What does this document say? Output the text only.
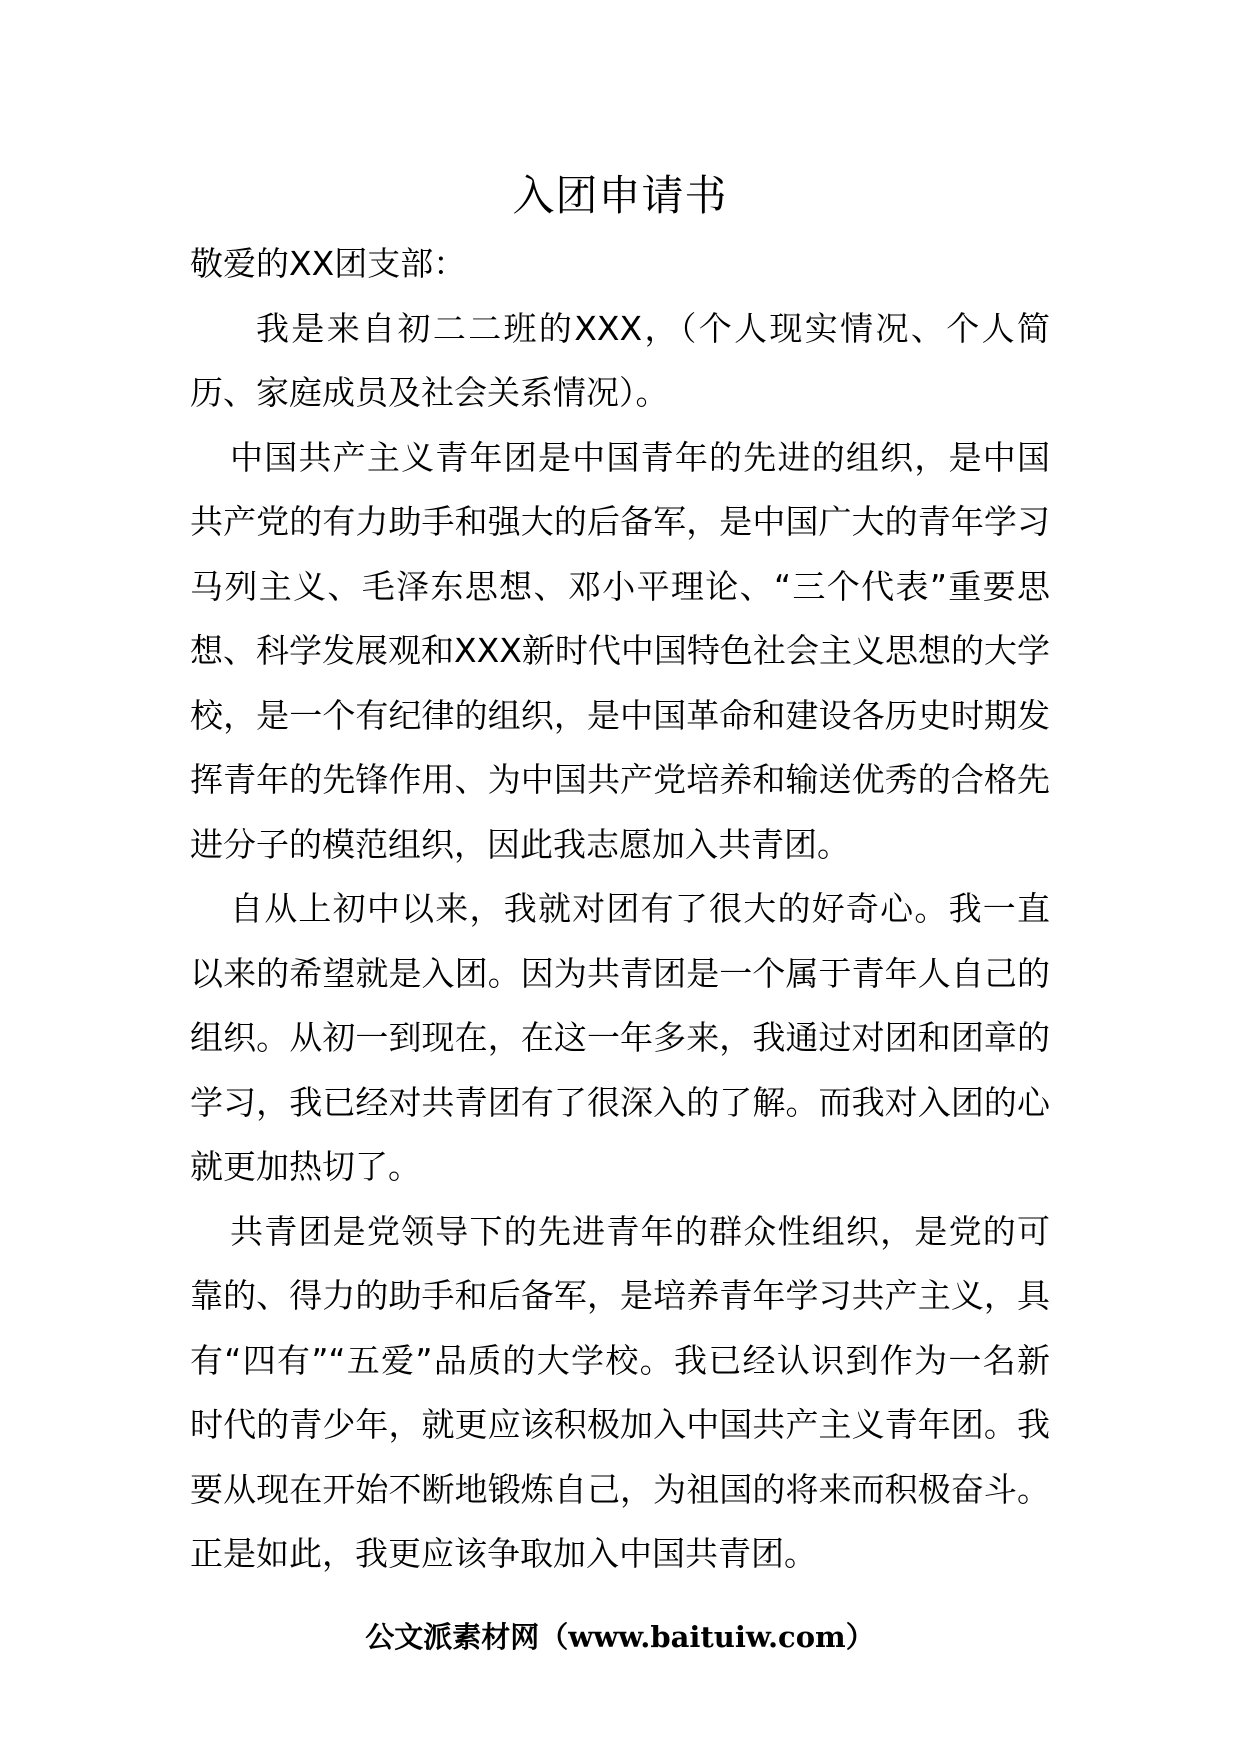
入团申请书

敬爱的XX团支部：

我是来自初二二班的XXX，（个人现实情况、个人简历、家庭成员及社会关系情况）。

中国共产主义青年团是中国青年的先进的组织，是中国共产党的有力助手和强大的后备军，是中国广大的青年学习马列主义、毛泽东思想、邓小平理论、“三个代表”重要思想、科学发展观和XXX新时代中国特色社会主义思想的大学校，是一个有纪律的组织，是中国革命和建设各历史时期发挥青年的先锋作用、为中国共产党培养和输送优秀的合格先进分子的模范组织，因此我志愿加入共青团。

自从上初中以来，我就对团有了很大的好奇心。我一直以来的希望就是入团。因为共青团是一个属于青年人自己的组织。从初一到现在，在这一年多来，我通过对团和团章的学习，我已经对共青团有了很深入的了解。而我对入团的心就更加热切了。

共青团是党领导下的先进青年的群众性组织，是党的可靠的、得力的助手和后备军，是培养青年学习共产主义，具有“四有”“五爱”品质的大学校。我已经认识到作为一名新时代的青少年，就更应该积极加入中国共产主义青年团。我要从现在开始不断地锻炼自己，为祖国的将来而积极奋斗。正是如此，我更应该争取加入中国共青团。

公文派素材网（www.baituiw.com）
